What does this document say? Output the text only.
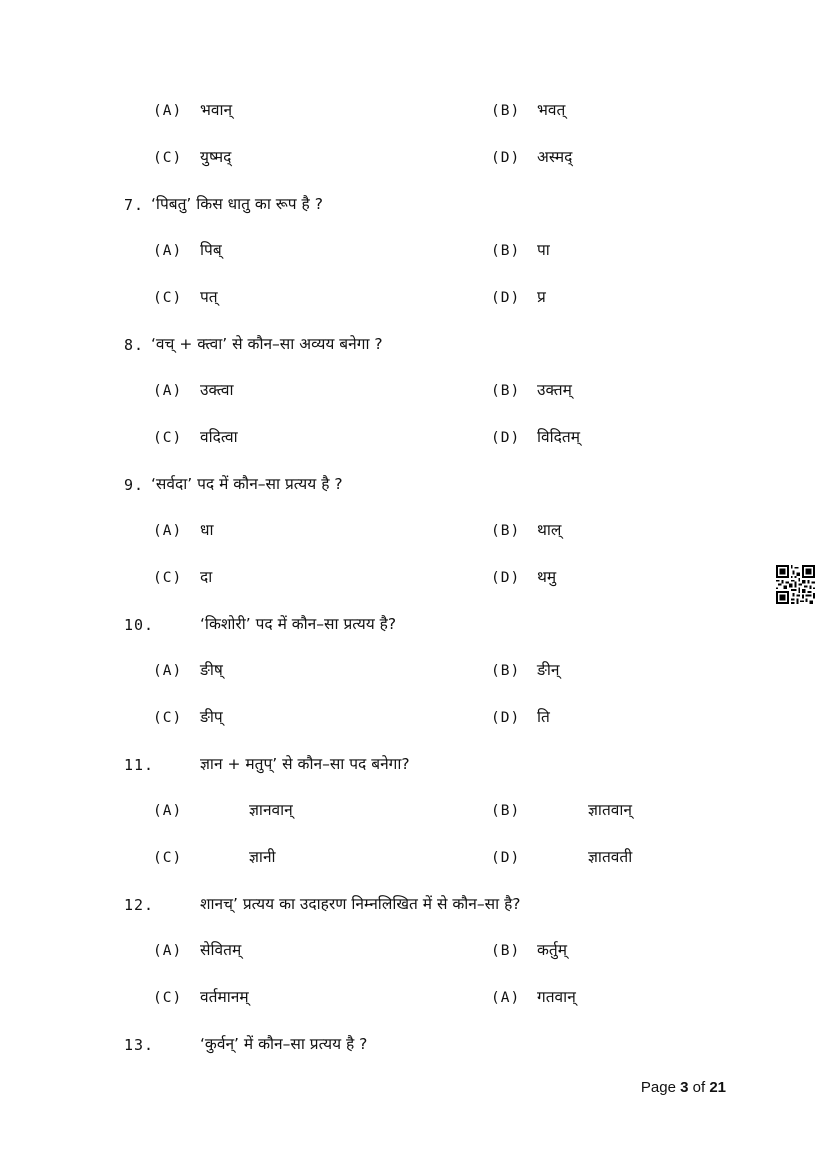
(A) भवान्	(B) भवत्
(C) युष्मद्	(D) अस्मद्
7. ‘पिबतु’ किस धातु का रूप है ?
(A) पिब्	(B) पा
(C) पत्	(D) प्र
8. ‘वच् + क्त्वा’ से कौन–सा अव्यय बनेगा ?
(A) उक्त्वा	(B) उक्तम्
(C) वदित्वा	(D) विदितम्
9. ‘सर्वदा’ पद में कौन–सा प्रत्यय है ?
(A) धा	(B) थाल्
(C) दा	(D) थमु
10.	‘किशोरी’ पद में कौन–सा प्रत्यय है?
(A) ङीष्	(B) ङीन्
(C) ङीप्	(D) ति
11.	ज्ञान + मतुप्’ से कौन–सा पद बनेगा?
(A)	ज्ञानवान्	(B)	ज्ञातवान्
(C)	ज्ञानी	(D)	ज्ञातवती
12.	शानच्’ प्रत्यय का उदाहरण निम्नलिखित में से कौन–सा है?
(A) सेवितम्	(B) कर्तुम्
(C) वर्तमानम्	(A) गतवान्
13.	‘कुर्वन्’ में कौन–सा प्रत्यय है ?
Page 3 of 21
